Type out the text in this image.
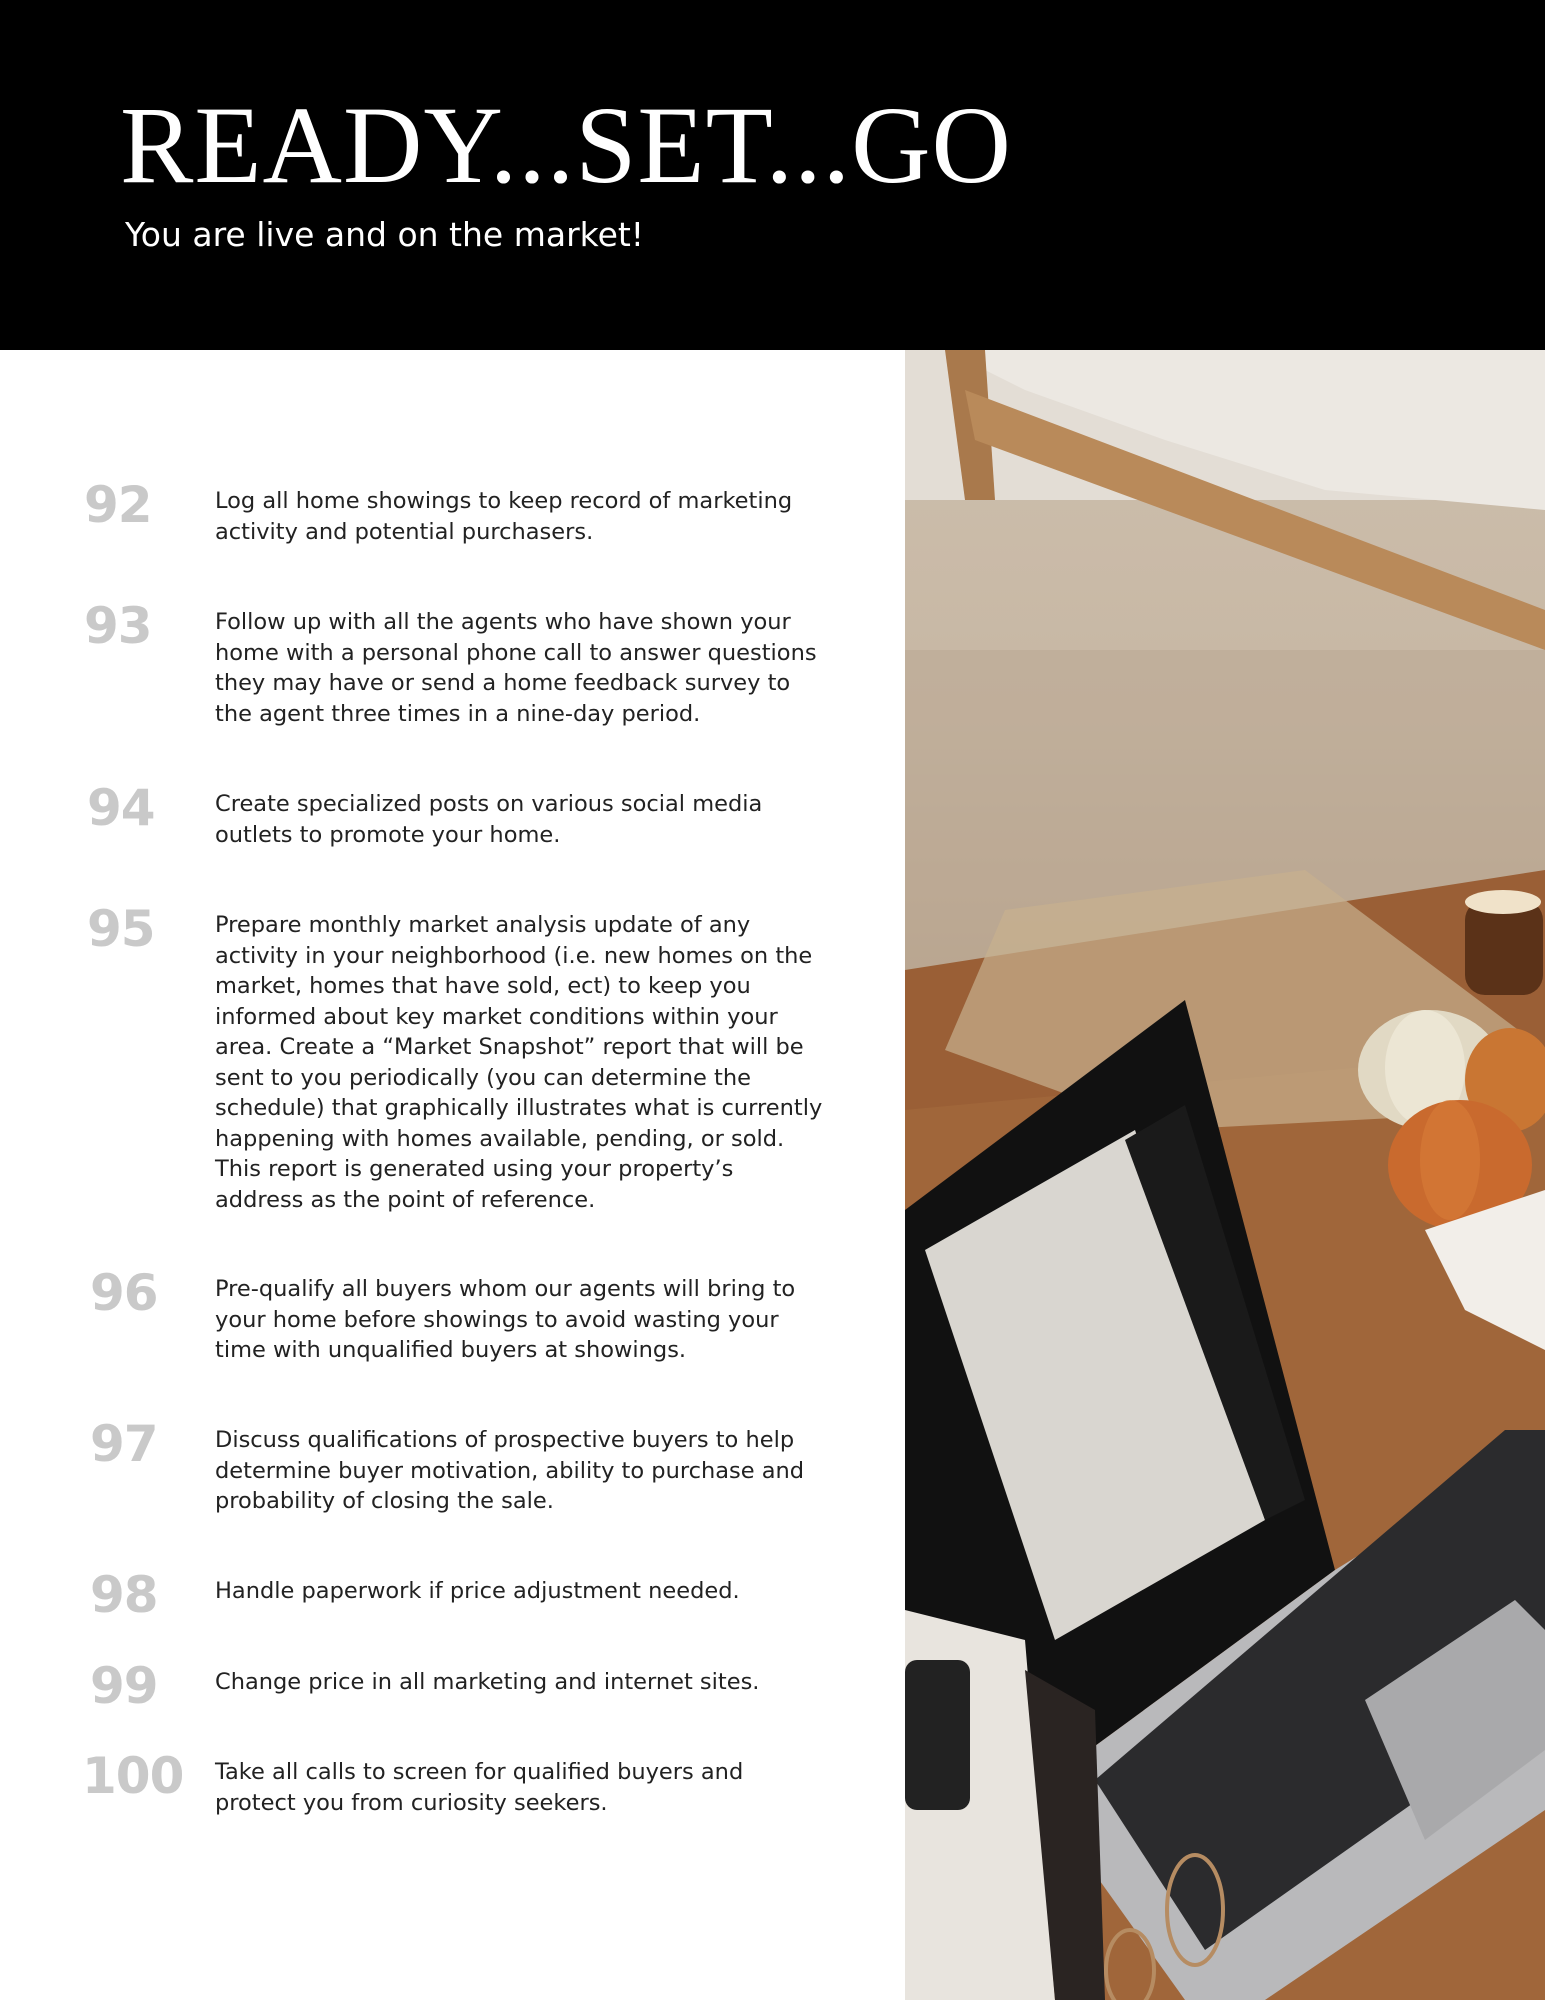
READY...SET...GO
You are live and on the market!
92	Log all home showings to keep record of marketing activity and potential purchasers.
93	Follow up with all the agents who have shown your home with a personal phone call to answer questions they may have or send a home feedback survey to the agent three times in a nine-day period.
94	Create specialized posts on various social media outlets to promote your home.
95	Prepare monthly market analysis update of any activity in your neighborhood (i.e. new homes on the market, homes that have sold, ect) to keep you informed about key market conditions within your area. Create a “Market Snapshot” report that will be sent to you periodically (you can determine the schedule) that graphically illustrates what is currently happening with homes available, pending, or sold. This report is generated using your property’s address as the point of reference.
96	Pre-qualify all buyers whom our agents will bring to your home before showings to avoid wasting your time with unqualified buyers at showings.
97	Discuss qualifications of prospective buyers to help determine buyer motivation, ability to purchase and probability of closing the sale.
98	Handle paperwork if price adjustment needed.
99	Change price in all marketing and internet sites.
100 Take all calls to screen for qualified buyers and protect you from curiosity seekers.
